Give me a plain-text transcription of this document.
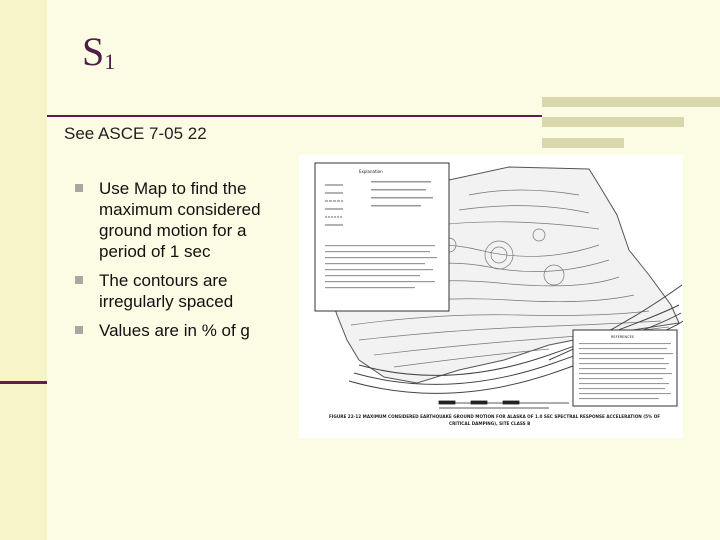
$S_1$
See ASCE 7-05 22
Use Map to find the maximum considered ground motion for a period of 1 sec
The contours are irregularly spaced
Values are in % of g
Explanation
REFERENCES
FIGURE 22-12 MAXIMUM CONSIDERED EARTHQUAKE GROUND MOTION FOR ALASKA OF 1.0 SEC SPECTRAL RESPONSE ACCELERATION (5% OF
CRITICAL DAMPING), SITE CLASS B
